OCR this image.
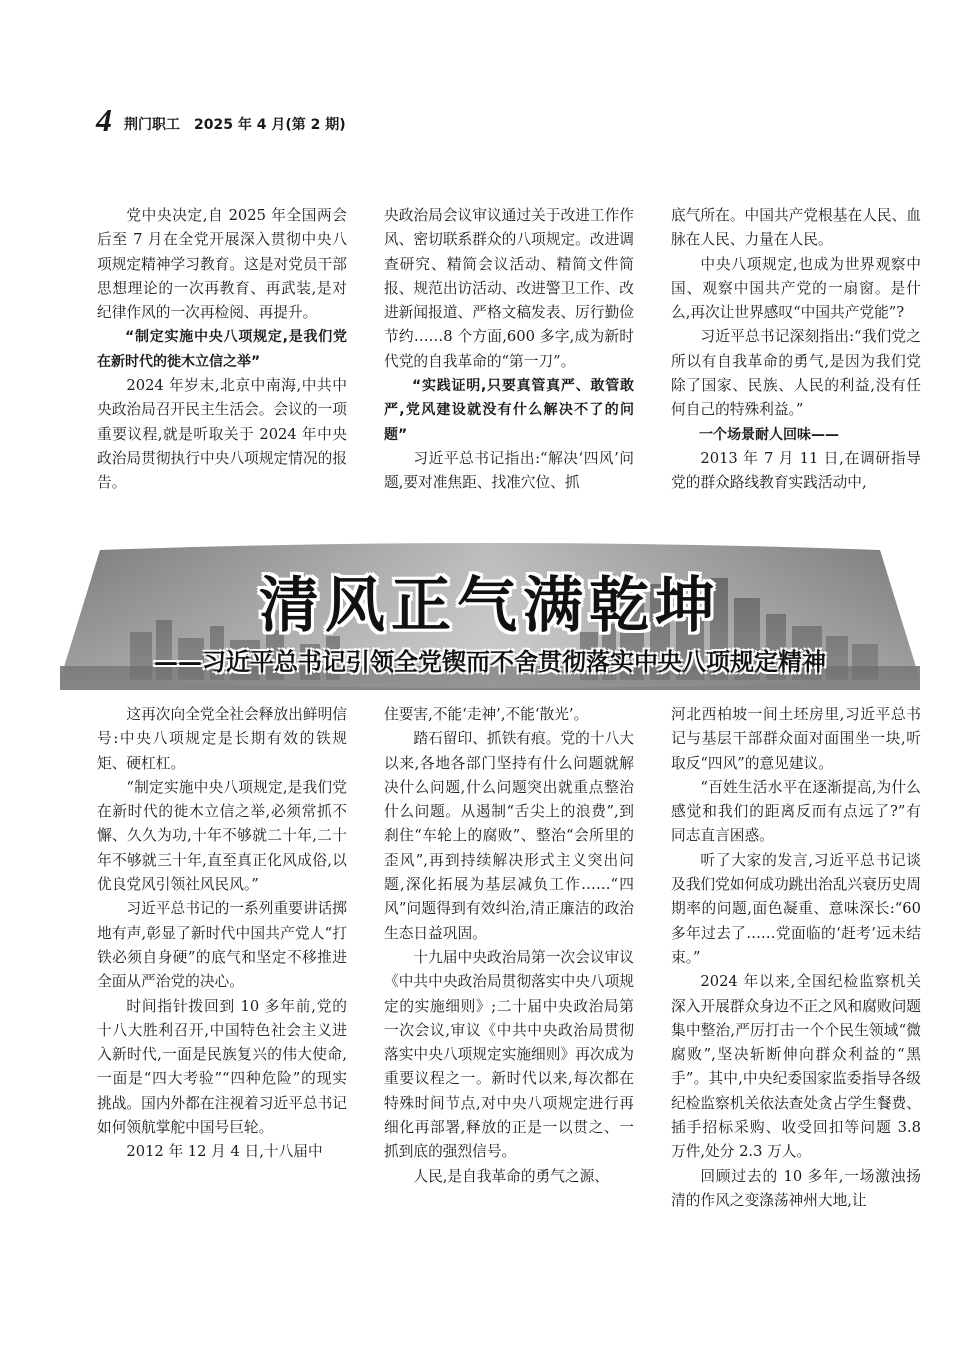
4 荆门职工 2025 年 4 月(第 2 期)

党中央决定,自 2025 年全国两会后至 7 月在全党开展深入贯彻中央八项规定精神学习教育。这是对党员干部思想理论的一次再教育、再武装,是对纪律作风的一次再检阅、再提升。

“制定实施中央八项规定,是我们党在新时代的徙木立信之举”

2024 年岁末,北京中南海,中共中央政治局召开民主生活会。会议的一项重要议程,就是听取关于 2024 年中央政治局贯彻执行中央八项规定情况的报告。

央政治局会议审议通过关于改进工作作风、密切联系群众的八项规定。改进调查研究、精简会议活动、精简文件简报、规范出访活动、改进警卫工作、改进新闻报道、严格文稿发表、厉行勤俭节约……8 个方面,600 多字,成为新时代党的自我革命的“第一刀”。

“实践证明,只要真管真严、敢管敢严,党风建设就没有什么解决不了的问题”

习近平总书记指出:“解决‘四风’问题,要对准焦距、找准穴位、抓

底气所在。中国共产党根基在人民、血脉在人民、力量在人民。

中央八项规定,也成为世界观察中国、观察中国共产党的一扇窗。是什么,再次让世界感叹“中国共产党能”?

习近平总书记深刻指出:“我们党之所以有自我革命的勇气,是因为我们党除了国家、民族、人民的利益,没有任何自己的特殊利益。”

一个场景耐人回味——

2013 年 7 月 11 日,在调研指导党的群众路线教育实践活动中,

清风正气满乾坤
——习近平总书记引领全党锲而不舍贯彻落实中央八项规定精神

这再次向全党全社会释放出鲜明信号:中央八项规定是长期有效的铁规矩、硬杠杠。

“制定实施中央八项规定,是我们党在新时代的徙木立信之举,必须常抓不懈、久久为功,十年不够就二十年,二十年不够就三十年,直至真正化风成俗,以优良党风引领社风民风。”

习近平总书记的一系列重要讲话掷地有声,彰显了新时代中国共产党人“打铁必须自身硬”的底气和坚定不移推进全面从严治党的决心。

时间指针拨回到 10 多年前,党的十八大胜利召开,中国特色社会主义进入新时代,一面是民族复兴的伟大使命,一面是“四大考验”“四种危险”的现实挑战。国内外都在注视着习近平总书记如何领航掌舵中国号巨轮。

2012 年 12 月 4 日,十八届中

住要害,不能‘走神’,不能‘散光’。

踏石留印、抓铁有痕。党的十八大以来,各地各部门坚持有什么问题就解决什么问题,什么问题突出就重点整治什么问题。从遏制“舌尖上的浪费”,到刹住“车轮上的腐败”、整治“会所里的歪风”,再到持续解决形式主义突出问题,深化拓展为基层减负工作……“四风”问题得到有效纠治,清正廉洁的政治生态日益巩固。

十九届中央政治局第一次会议审议《中共中央政治局贯彻落实中央八项规定的实施细则》;二十届中央政治局第一次会议,审议《中共中央政治局贯彻落实中央八项规定实施细则》再次成为重要议程之一。新时代以来,每次都在特殊时间节点,对中央八项规定进行再细化再部署,释放的正是一以贯之、一抓到底的强烈信号。

人民,是自我革命的勇气之源、

河北西柏坡一间土坯房里,习近平总书记与基层干部群众面对面围坐一块,听取反“四风”的意见建议。

“百姓生活水平在逐渐提高,为什么感觉和我们的距离反而有点远了?”有同志直言困惑。

听了大家的发言,习近平总书记谈及我们党如何成功跳出治乱兴衰历史周期率的问题,面色凝重、意味深长:“60 多年过去了……党面临的‘赶考’远未结束。”

2024 年以来,全国纪检监察机关深入开展群众身边不正之风和腐败问题集中整治,严厉打击一个个民生领域“微腐败”,坚决斩断伸向群众利益的“黑手”。其中,中央纪委国家监委指导各级纪检监察机关依法查处贪占学生餐费、插手招标采购、收受回扣等问题 3.8 万件,处分 2.3 万人。

回顾过去的 10 多年,一场激浊扬清的作风之变涤荡神州大地,让
